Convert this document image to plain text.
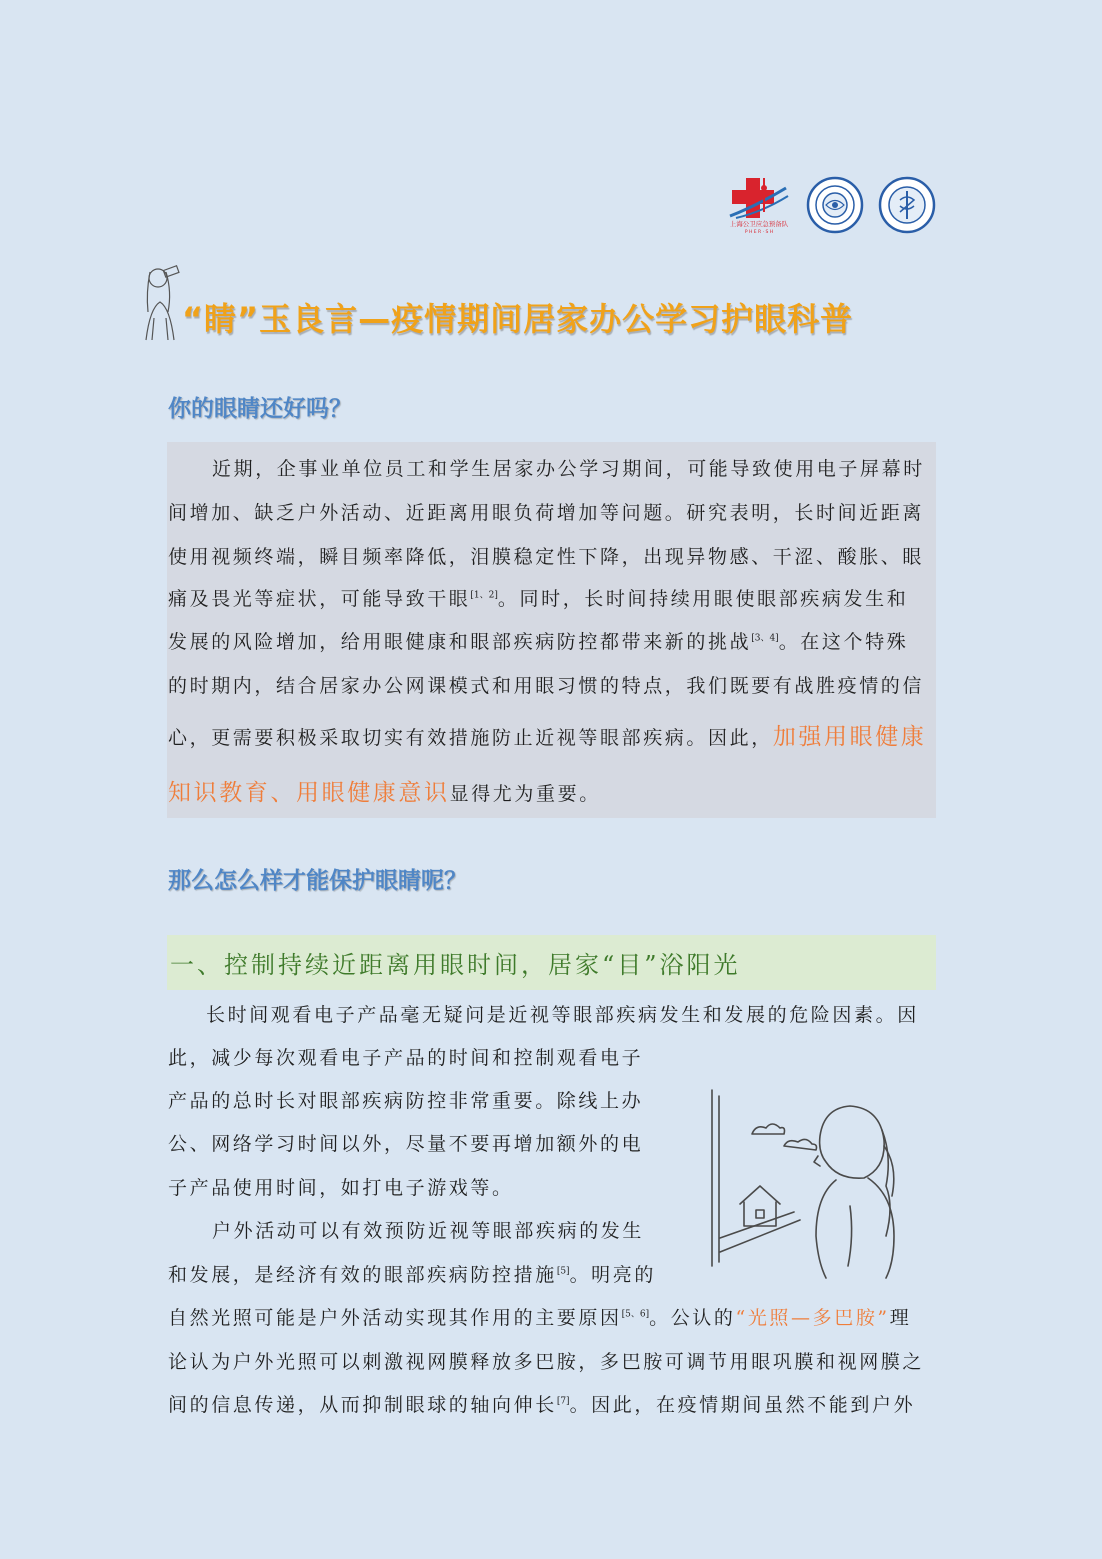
上海公卫应急预备队
P H E R · S H
“睛”玉良言—疫情期间居家办公学习护眼科普
你的眼睛还好吗？
近期，企事业单位员工和学生居家办公学习期间，可能导致使用电子屏幕时
间增加、缺乏户外活动、近距离用眼负荷增加等问题。研究表明，长时间近距离
使用视频终端，瞬目频率降低，泪膜稳定性下降，出现异物感、干涩、酸胀、眼
痛及畏光等症状，可能导致干眼[1、2]。同时，长时间持续用眼使眼部疾病发生和
发展的风险增加，给用眼健康和眼部疾病防控都带来新的挑战[3、4]。在这个特殊
的时期内，结合居家办公网课模式和用眼习惯的特点，我们既要有战胜疫情的信
心，更需要积极采取切实有效措施防止近视等眼部疾病。因此，加强用眼健康
知识教育、用眼健康意识显得尤为重要。
那么怎么样才能保护眼睛呢？
一、控制持续近距离用眼时间，居家“目”浴阳光
长时间观看电子产品毫无疑问是近视等眼部疾病发生和发展的危险因素。因
此，减少每次观看电子产品的时间和控制观看电子
产品的总时长对眼部疾病防控非常重要。除线上办
公、网络学习时间以外，尽量不要再增加额外的电
子产品使用时间，如打电子游戏等。
户外活动可以有效预防近视等眼部疾病的发生
和发展，是经济有效的眼部疾病防控措施[5]。明亮的
自然光照可能是户外活动实现其作用的主要原因[5、6]。公认的“光照—多巴胺”理
论认为户外光照可以刺激视网膜释放多巴胺，多巴胺可调节用眼巩膜和视网膜之
间的信息传递，从而抑制眼球的轴向伸长[7]。因此，在疫情期间虽然不能到户外
